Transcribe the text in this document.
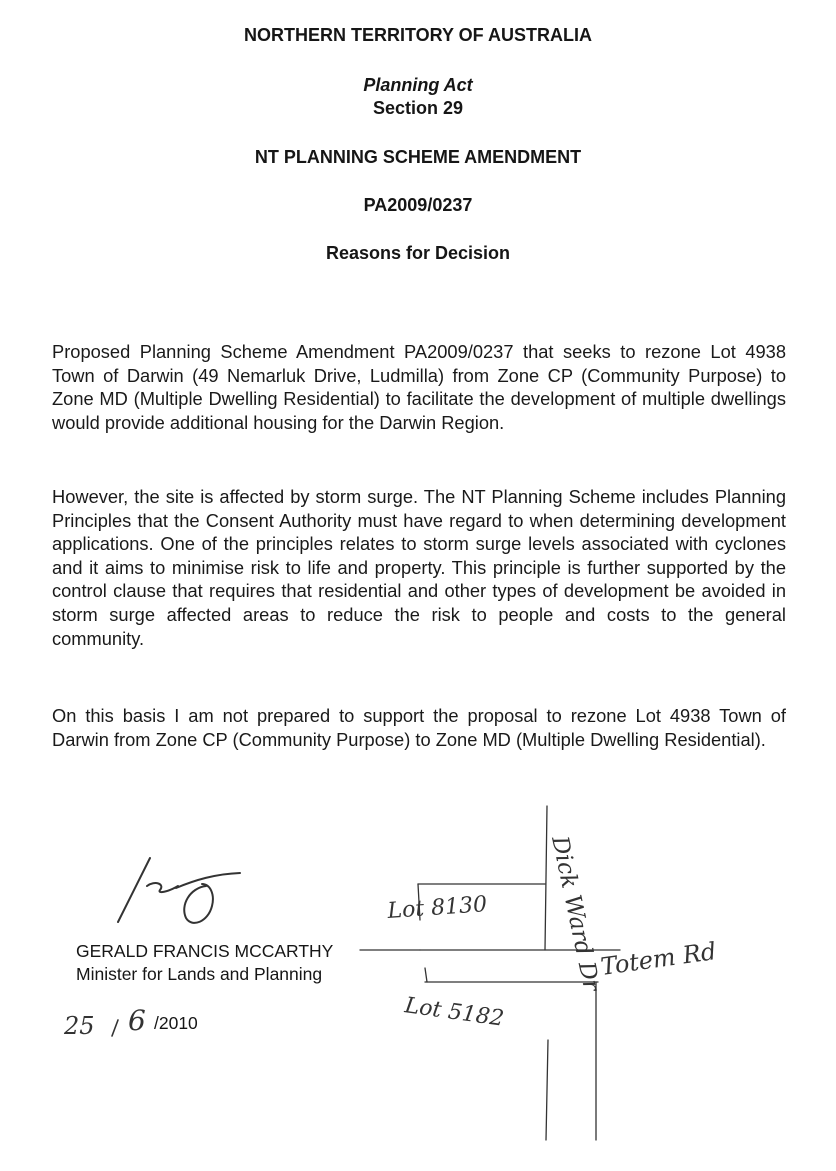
NORTHERN TERRITORY OF AUSTRALIA

Planning Act

Section 29

NT PLANNING SCHEME AMENDMENT

PA2009/0237

Reasons for Decision

Proposed Planning Scheme Amendment PA2009/0237 that seeks to rezone Lot 4938 Town of Darwin (49 Nemarluk Drive, Ludmilla) from Zone CP (Community Purpose) to Zone MD (Multiple Dwelling Residential) to facilitate the development of multiple dwellings would provide additional housing for the Darwin Region.

However, the site is affected by storm surge. The NT Planning Scheme includes Planning Principles that the Consent Authority must have regard to when determining development applications. One of the principles relates to storm surge levels associated with cyclones and it aims to minimise risk to life and property. This principle is further supported by the control clause that requires that residential and other types of development be avoided in storm surge affected areas to reduce the risk to people and costs to the general community.

On this basis I am not prepared to support the proposal to rezone Lot 4938 Town of Darwin from Zone CP (Community Purpose) to Zone MD (Multiple Dwelling Residential).

Lot 8130
Lot 5182
Totem Rd
Dick Ward Dr
25 6

GERALD FRANCIS MCCARTHY

Minister for Lands and Planning

/2010
